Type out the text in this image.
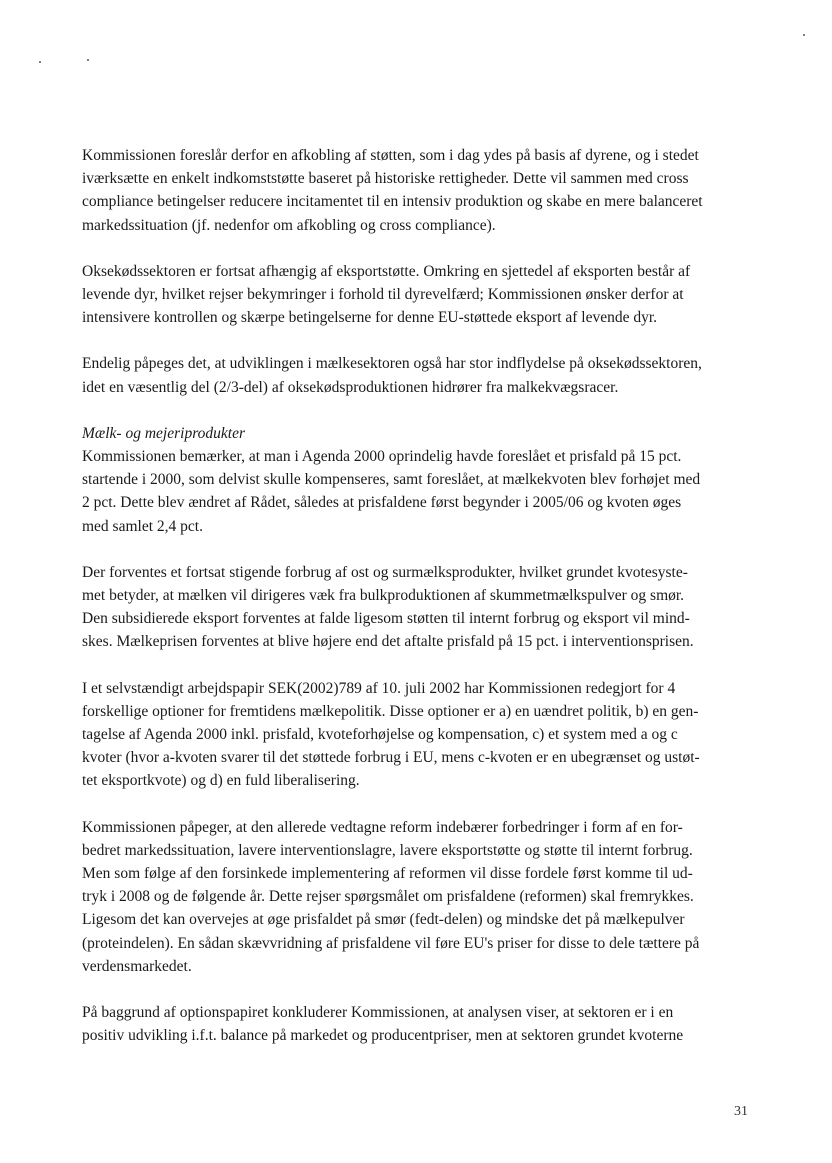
Kommissionen foreslår derfor en afkobling af støtten, som i dag ydes på basis af dyrene, og i stedet
iværksætte en enkelt indkomststøtte baseret på historiske rettigheder. Dette vil sammen med cross
compliance betingelser reducere incitamentet til en intensiv produktion og skabe en mere balanceret
markedssituation (jf. nedenfor om afkobling og cross compliance).

Oksekødssektoren er fortsat afhængig af eksportstøtte. Omkring en sjettedel af eksporten består af
levende dyr, hvilket rejser bekymringer i forhold til dyrevelfærd; Kommissionen ønsker derfor at
intensivere kontrollen og skærpe betingelserne for denne EU-støttede eksport af levende dyr.

Endelig påpeges det, at udviklingen i mælkesektoren også har stor indflydelse på oksekødssektoren,
idet en væsentlig del (2/3-del) af oksekødsproduktionen hidrører fra malkekvægsracer.

Mælk- og mejeriprodukter
Kommissionen bemærker, at man i Agenda 2000 oprindelig havde foreslået et prisfald på 15 pct.
startende i 2000, som delvist skulle kompenseres, samt foreslået, at mælkekvoten blev forhøjet med
2 pct. Dette blev ændret af Rådet, således at prisfaldene først begynder i 2005/06 og kvoten øges
med samlet 2,4 pct.

Der forventes et fortsat stigende forbrug af ost og surmælksprodukter, hvilket grundet kvotesyste-
met betyder, at mælken vil dirigeres væk fra bulkproduktionen af skummetmælkspulver og smør.
Den subsidierede eksport forventes at falde ligesom støtten til internt forbrug og eksport vil mind-
skes. Mælkeprisen forventes at blive højere end det aftalte prisfald på 15 pct. i interventionsprisen.

I et selvstændigt arbejdspapir SEK(2002)789 af 10. juli 2002 har Kommissionen redegjort for 4
forskellige optioner for fremtidens mælkepolitik. Disse optioner er a) en uændret politik, b) en gen-
tagelse af Agenda 2000 inkl. prisfald, kvoteforhøjelse og kompensation, c) et system med a og c
kvoter (hvor a-kvoten svarer til det støttede forbrug i EU, mens c-kvoten er en ubegrænset og ustøt-
tet eksportkvote) og d) en fuld liberalisering.

Kommissionen påpeger, at den allerede vedtagne reform indebærer forbedringer i form af en for-
bedret markedssituation, lavere interventionslagre, lavere eksportstøtte og støtte til internt forbrug.
Men som følge af den forsinkede implementering af reformen vil disse fordele først komme til ud-
tryk i 2008 og de følgende år. Dette rejser spørgsmålet om prisfaldene (reformen) skal fremrykkes.
Ligesom det kan overvejes at øge prisfaldet på smør (fedt-delen) og mindske det på mælkepulver
(proteindelen). En sådan skævvridning af prisfaldene vil føre EU's priser for disse to dele tættere på
verdensmarkedet.

På baggrund af optionspapiret konkluderer Kommissionen, at analysen viser, at sektoren er i en
positiv udvikling i.f.t. balance på markedet og producentpriser, men at sektoren grundet kvoterne

31
